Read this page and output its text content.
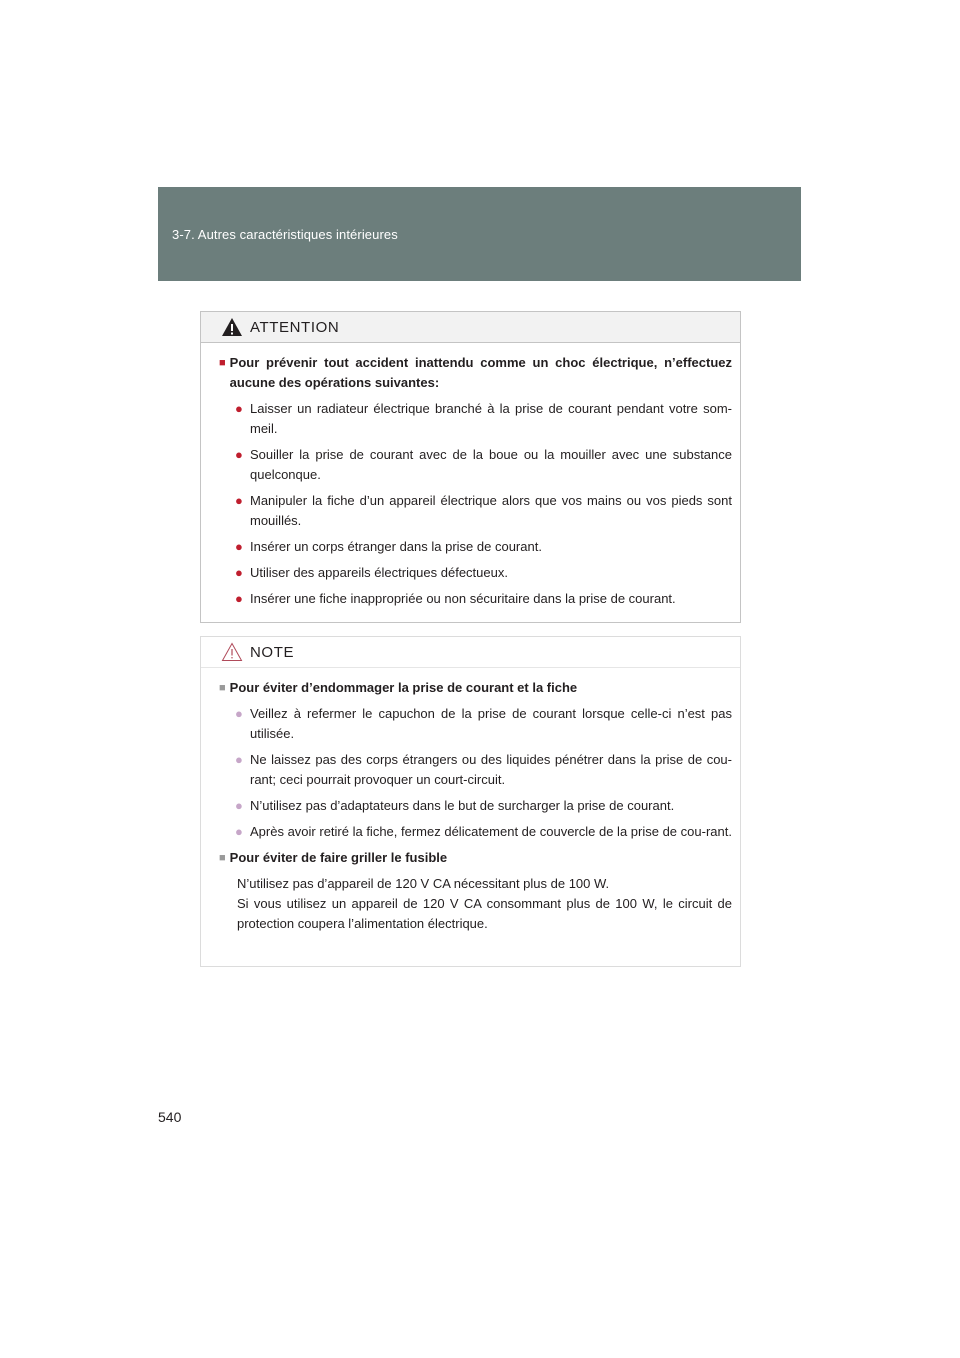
3-7. Autres caractéristiques intérieures
ATTENTION
■ Pour prévenir tout accident inattendu comme un choc électrique, n’effectuez aucune des opérations suivantes:
● Laisser un radiateur électrique branché à la prise de courant pendant votre som-meil.
● Souiller la prise de courant avec de la boue ou la mouiller avec une substance quelconque.
● Manipuler la fiche d’un appareil électrique alors que vos mains ou vos pieds sont mouillés.
● Insérer un corps étranger dans la prise de courant.
● Utiliser des appareils électriques défectueux.
● Insérer une fiche inappropriée ou non sécuritaire dans la prise de courant.
NOTE
■ Pour éviter d’endommager la prise de courant et la fiche
● Veillez à refermer le capuchon de la prise de courant lorsque celle-ci n’est pas utilisée.
● Ne laissez pas des corps étrangers ou des liquides pénétrer dans la prise de cou-rant; ceci pourrait provoquer un court-circuit.
● N’utilisez pas d’adaptateurs dans le but de surcharger la prise de courant.
● Après avoir retiré la fiche, fermez délicatement de couvercle de la prise de cou-rant.
■ Pour éviter de faire griller le fusible
N’utilisez pas d’appareil de 120 V CA nécessitant plus de 100 W.
Si vous utilisez un appareil de 120 V CA consommant plus de 100 W, le circuit de protection coupera l’alimentation électrique.
540
